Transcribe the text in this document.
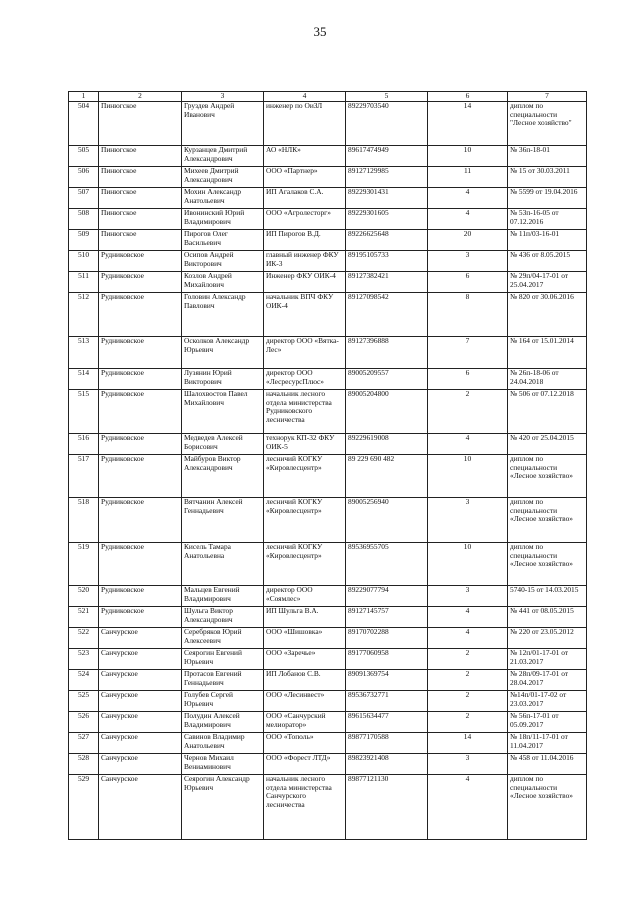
35
1	2	3	4	5	6	7
504	Пинюгское	Груздев Андрей Иванович	инженер по ОиЗЛ	89229703540	14	диплом по специальности "Лесное хозяйство"
505	Пинюгское	Курзанцев Дмитрий Александрович	АО «НЛК»	89617474949	10	№ 36п-18-01
506	Пинюгское	Михеев Дмитрий Александрович	ООО «Партнер»	89127129985	11	№ 15 от 30.03.2011
507	Пинюгское	Мохин Александр Анатольевич	ИП Агалаков С.А.	89229301431	4	№ 5599 от 19.04.2016
508	Пинюгское	Ивонинский Юрий Владимирович	ООО «Агролесторг»	89229301605	4	№ 53п-16-05 от 07.12.2016
509	Пинюгское	Пирогов Олег Васильевич	ИП Пирогов В.Д.	89226625648	20	№ 11п/03-16-01
510	Рудниковское	Осипов Андрей Викторович	главный инженер ФКУ ИК-3	89195105733	3	№ 436 от 8.05.2015
511	Рудниковское	Козлов Андрей Михайлович	Инженер ФКУ ОИК-4	89127382421	6	№ 29п/04-17-01 от 25.04.2017
512	Рудниковское	Головин Александр Павлович	начальник ВПЧ ФКУ ОИК-4	89127098542	8	№ 820 от 30.06.2016
513	Рудниковское	Осколков Александр Юрьевич	директор ООО «Вятка-Лес»	89127396888	7	№ 164 от 15.01.2014
514	Рудниковское	Лузянин Юрий Викторович	директор ООО «ЛесресурсПлюс»	89005209557	6	№ 26п-18-06 от 24.04.2018
515	Рудниковское	Шалохвостов Павел Михайлович	начальник лесного отдела министерства Рудниковского лесничества	89005204800	2	№ 506 от 07.12.2018
516	Рудниковское	Медведев Алексей Борисович	технорук КП-32 ФКУ ОИК-5	89229619008	4	№ 420 от 25.04.2015
517	Рудниковское	Майбуров Виктор Александрович	лесничий КОГКУ «Кировлесцентр»	89 229 690 482	10	диплом по специальности «Лесное хозяйство»
518	Рудниковское	Вятчанин Алексей Геннадьевич	лесничий КОГКУ «Кировлесцентр»	89005256940	3	диплом по специальности «Лесное хозяйство»
519	Рудниковское	Кисель Тамара Анатольевна	лесничий КОГКУ «Кировлесцентр»	89536955705	10	диплом по специальности «Лесное хозяйство»
520	Рудниковское	Мальцев Евгений Владимирович	директор ООО «Соямлес»	89229077794	3	5740-15 от 14.03.2015
521	Рудниковское	Шульга Виктор Александрович	ИП Шульга В.А.	89127145757	4	№ 441 от 08.05.2015
522	Санчурское	Серебряков Юрий Алексеевич	ООО «Шишовка»	89170702288	4	№ 220 от 23.05.2012
523	Санчурское	Сеярогин Евгений Юрьевич	ООО «Заречье»	89177060958	2	№ 12п/01-17-01 от 21.03.2017
524	Санчурское	Протасов Евгений Геннадьевич	ИП Лобанов С.В.	89091369754	2	№ 28п/09-17-01 от 28.04.2017
525	Санчурское	Голубев Сергей Юрьевич	ООО «Лесинвест»	89536732771	2	№14п/01-17-02 от 23.03.2017
526	Санчурское	Полудин Алексей Владимирович	ООО «Санчурский мелиоратор»	89615634477	2	№ 56п-17-01 от 05.09.2017
527	Санчурское	Савинов Владимир Анатольевич	ООО «Тополь»	89877170588	14	№ 18п/11-17-01 от 11.04.2017
528	Санчурское	Чернов Михаил Вениаминович	ООО «Форест ЛТД»	89823921408	3	№ 458 от 11.04.2016
529	Санчурское	Сеярогин Александр Юрьевич	начальник лесного отдела министерства Санчурского лесничества	89877121130	4	диплом по специальности «Лесное хозяйство»
